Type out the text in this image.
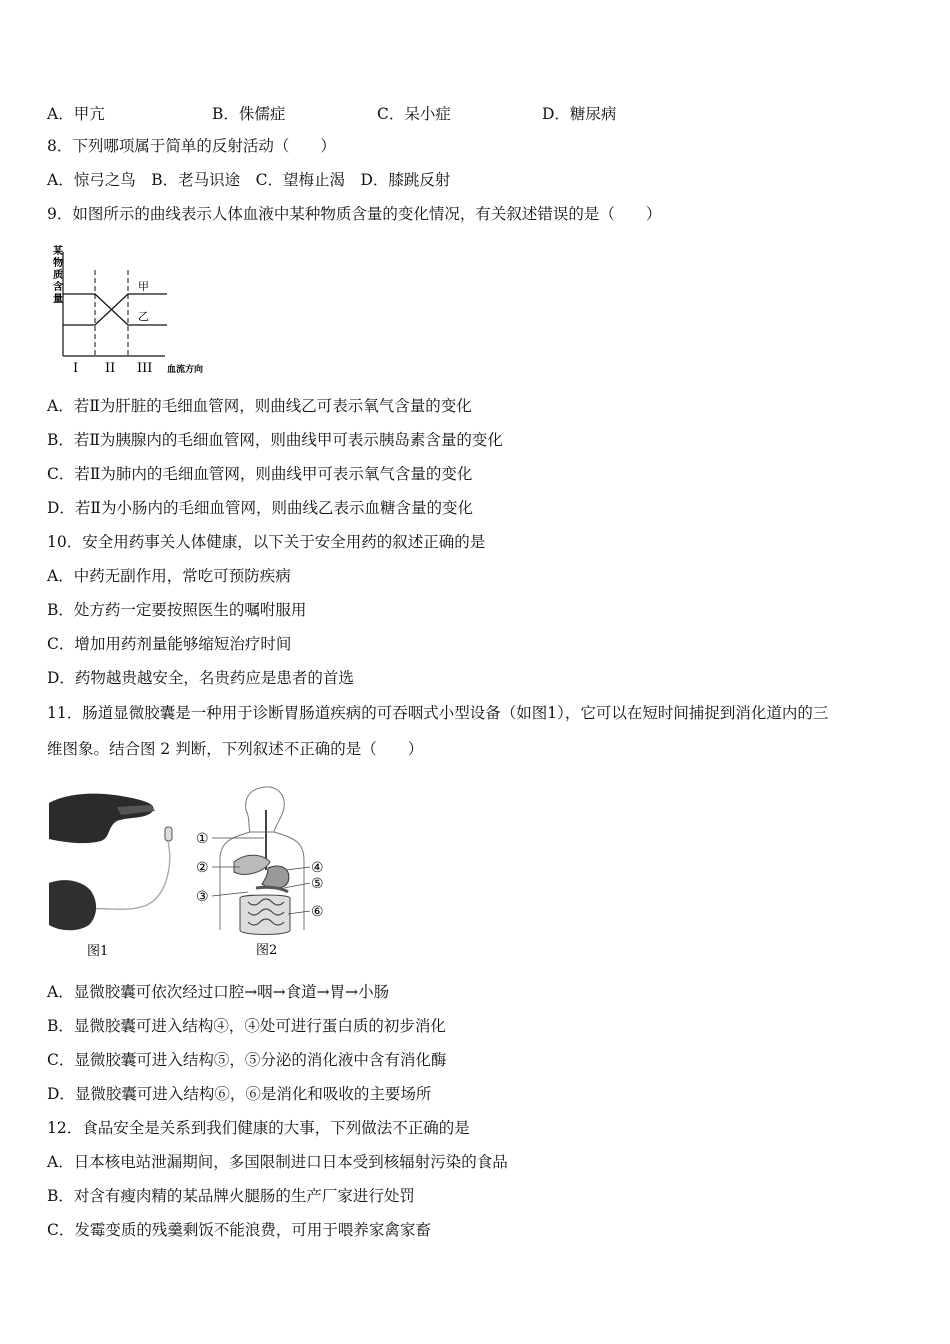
A．甲亢	B．侏儒症	C．呆小症	D．糖尿病
8．下列哪项属于简单的反射活动（　　）
A．惊弓之鸟　B．老马识途　C．望梅止渴　D．膝跳反射
9．如图所示的曲线表示人体血液中某种物质含量的变化情况，有关叙述错误的是（　　）
某
物
质
含
量
甲
乙
I II III 血流方向
A．若Ⅱ为肝脏的毛细血管网，则曲线乙可表示氧气含量的变化
B．若Ⅱ为胰腺内的毛细血管网，则曲线甲可表示胰岛素含量的变化
C．若Ⅱ为肺内的毛细血管网，则曲线甲可表示氧气含量的变化
D．若Ⅱ为小肠内的毛细血管网，则曲线乙表示血糖含量的变化
10．安全用药事关人体健康，以下关于安全用药的叙述正确的是
A．中药无副作用，常吃可预防疾病
B．处方药一定要按照医生的嘱咐服用
C．增加用药剂量能够缩短治疗时间
D．药物越贵越安全，名贵药应是患者的首选
11．肠道显微胶囊是一种用于诊断胃肠道疾病的可吞咽式小型设备（如图1），它可以在短时间捕捉到消化道内的三
维图象。结合图 2 判断，下列叙述不正确的是（　　）
图1
①
②
③
④
⑤
⑥
图2
A．显微胶囊可依次经过口腔→咽→食道→胃→小肠
B．显微胶囊可进入结构④，④处可进行蛋白质的初步消化
C．显微胶囊可进入结构⑤，⑤分泌的消化液中含有消化酶
D．显微胶囊可进入结构⑥，⑥是消化和吸收的主要场所
12．食品安全是关系到我们健康的大事，下列做法不正确的是
A．日本核电站泄漏期间，多国限制进口日本受到核辐射污染的食品
B．对含有瘦肉精的某品牌火腿肠的生产厂家进行处罚
C．发霉变质的残羹剩饭不能浪费，可用于喂养家禽家畜
